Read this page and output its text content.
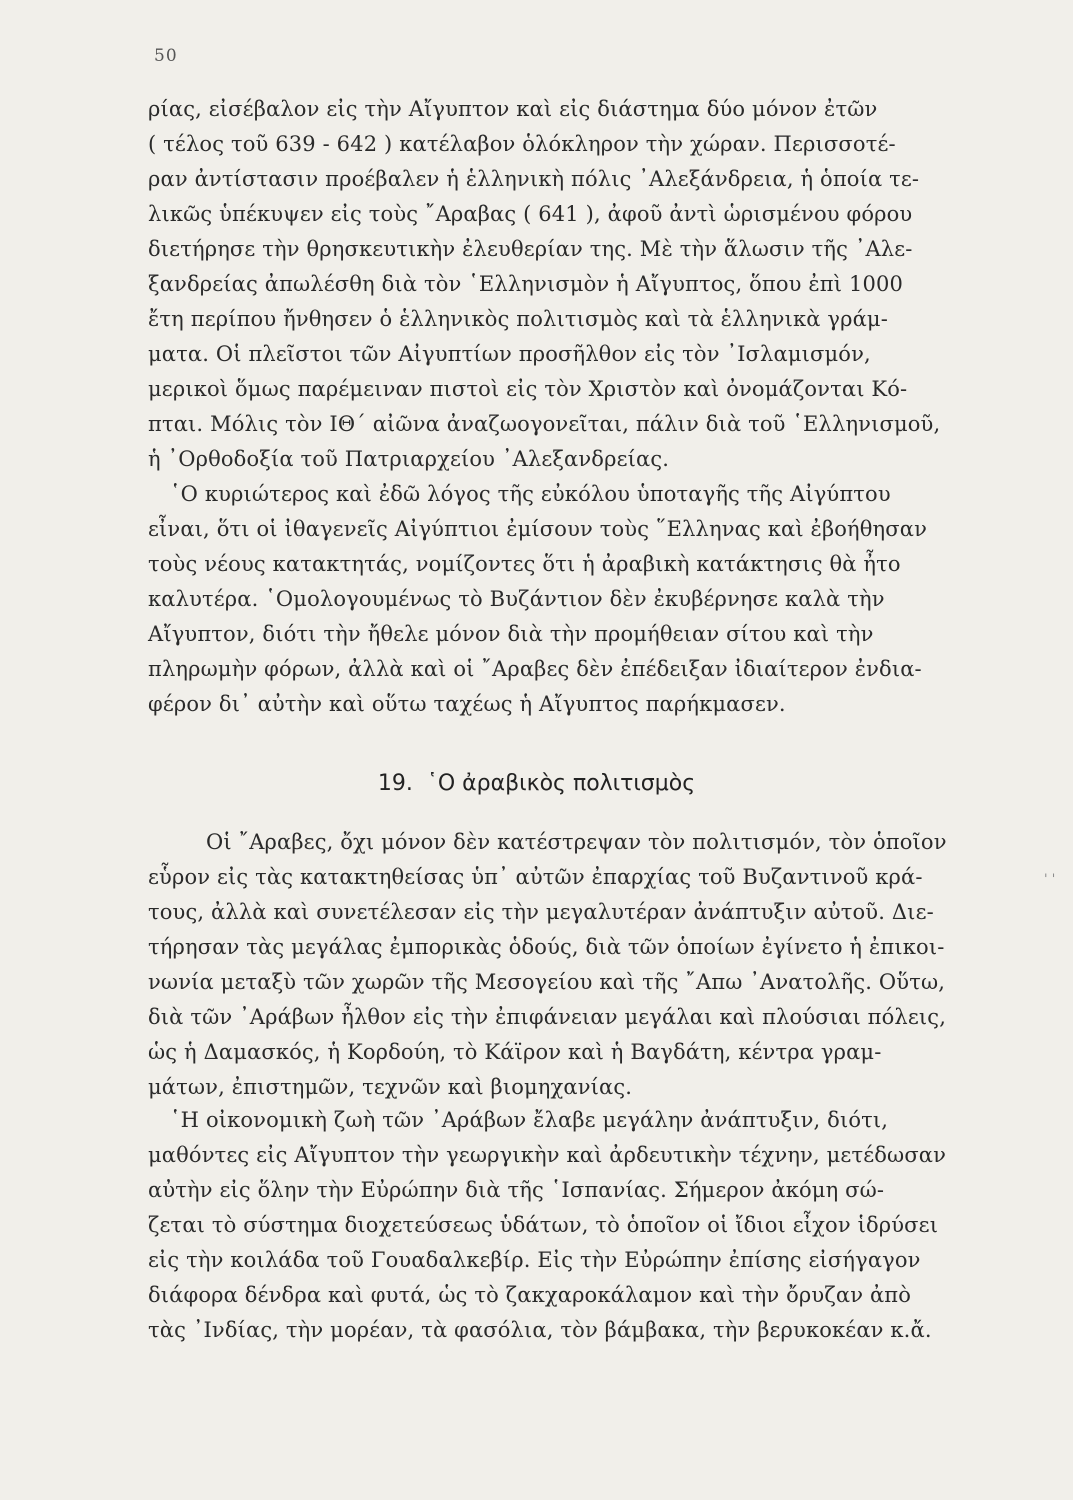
50
ρίας, εἰσέβαλον εἰς τὴν Αἴγυπτον καὶ εἰς διάστημα δύο μόνον ἐτῶν
( τέλος τοῦ 639 - 642 ) κατέλαβον ὁλόκληρον τὴν χώραν. Περισσοτέ-
ραν ἀντίστασιν προέβαλεν ἡ ἑλληνικὴ πόλις ᾿Αλεξάνδρεια, ἡ ὁποία τε-
λικῶς ὑπέκυψεν εἰς τοὺς ῎Αραβας ( 641 ), ἀφοῦ ἀντὶ ὡρισμένου φόρου
διετήρησε τὴν θρησκευτικὴν ἐλευθερίαν της. Μὲ τὴν ἅλωσιν τῆς ᾿Αλε-
ξανδρείας ἀπωλέσθη διὰ τὸν ῾Ελληνισμὸν ἡ Αἴγυπτος, ὅπου ἐπὶ 1000
ἔτη περίπου ἤνθησεν ὁ ἑλληνικὸς πολιτισμὸς καὶ τὰ ἑλληνικὰ γράμ-
ματα. Οἱ πλεῖστοι τῶν Αἰγυπτίων προσῆλθον εἰς τὸν ᾿Ισλαμισμόν,
μερικοὶ ὅμως παρέμειναν πιστοὶ εἰς τὸν Χριστὸν καὶ ὀνομάζονται Κό-
πται. Μόλις τὸν ΙΘ΄ αἰῶνα ἀναζωογονεῖται, πάλιν διὰ τοῦ ῾Ελληνισμοῦ,
ἡ ᾿Ορθοδοξία τοῦ Πατριαρχείου ᾿Αλεξανδρείας.
῾Ο κυριώτερος καὶ ἐδῶ λόγος τῆς εὐκόλου ὑποταγῆς τῆς Αἰγύπτου
εἶναι, ὅτι οἱ ἰθαγενεῖς Αἰγύπτιοι ἐμίσουν τοὺς ῞Ελληνας καὶ ἐβοήθησαν
τοὺς νέους κατακτητάς, νομίζοντες ὅτι ἡ ἀραβικὴ κατάκτησις θὰ ἦτο
καλυτέρα. ῾Ομολογουμένως τὸ Βυζάντιον δὲν ἐκυβέρνησε καλὰ τὴν
Αἴγυπτον, διότι τὴν ἤθελε μόνον διὰ τὴν προμήθειαν σίτου καὶ τὴν
πληρωμὴν φόρων, ἀλλὰ καὶ οἱ ῎Αραβες δὲν ἐπέδειξαν ἰδιαίτερον ἐνδια-
φέρον δι᾿ αὐτὴν καὶ οὕτω ταχέως ἡ Αἴγυπτος παρήκμασεν.
19. ῾Ο ἀραβικὸς πολιτισμὸς
Οἱ ῎Αραβες, ὄχι μόνον δὲν κατέστρεψαν τὸν πολιτισμόν, τὸν ὁποῖον
εὗρον εἰς τὰς κατακτηθείσας ὑπ᾿ αὐτῶν ἐπαρχίας τοῦ Βυζαντινοῦ κρά-
τους, ἀλλὰ καὶ συνετέλεσαν εἰς τὴν μεγαλυτέραν ἀνάπτυξιν αὐτοῦ. Διε-
τήρησαν τὰς μεγάλας ἐμπορικὰς ὁδούς, διὰ τῶν ὁποίων ἐγίνετο ἡ ἐπικοι-
νωνία μεταξὺ τῶν χωρῶν τῆς Μεσογείου καὶ τῆς ῎Απω ᾿Ανατολῆς. Οὕτω,
διὰ τῶν ᾿Αράβων ἦλθον εἰς τὴν ἐπιφάνειαν μεγάλαι καὶ πλούσιαι πόλεις,
ὡς ἡ Δαμασκός, ἡ Κορδούη, τὸ Κάϊρον καὶ ἡ Βαγδάτη, κέντρα γραμ-
μάτων, ἐπιστημῶν, τεχνῶν καὶ βιομηχανίας.
῾Η οἰκονομικὴ ζωὴ τῶν ᾿Αράβων ἔλαβε μεγάλην ἀνάπτυξιν, διότι,
μαθόντες εἰς Αἴγυπτον τὴν γεωργικὴν καὶ ἀρδευτικὴν τέχνην, μετέδωσαν
αὐτὴν εἰς ὅλην τὴν Εὐρώπην διὰ τῆς ῾Ισπανίας. Σήμερον ἀκόμη σώ-
ζεται τὸ σύστημα διοχετεύσεως ὑδάτων, τὸ ὁποῖον οἱ ἴδιοι εἶχον ἱδρύσει
εἰς τὴν κοιλάδα τοῦ Γουαδαλκεβίρ. Εἰς τὴν Εὐρώπην ἐπίσης εἰσήγαγον
διάφορα δένδρα καὶ φυτά, ὡς τὸ ζακχαροκάλαμον καὶ τὴν ὄρυζαν ἀπὸ
τὰς ᾿Ινδίας, τὴν μορέαν, τὰ φασόλια, τὸν βάμβακα, τὴν βερυκοκέαν κ.ἄ.
' '
